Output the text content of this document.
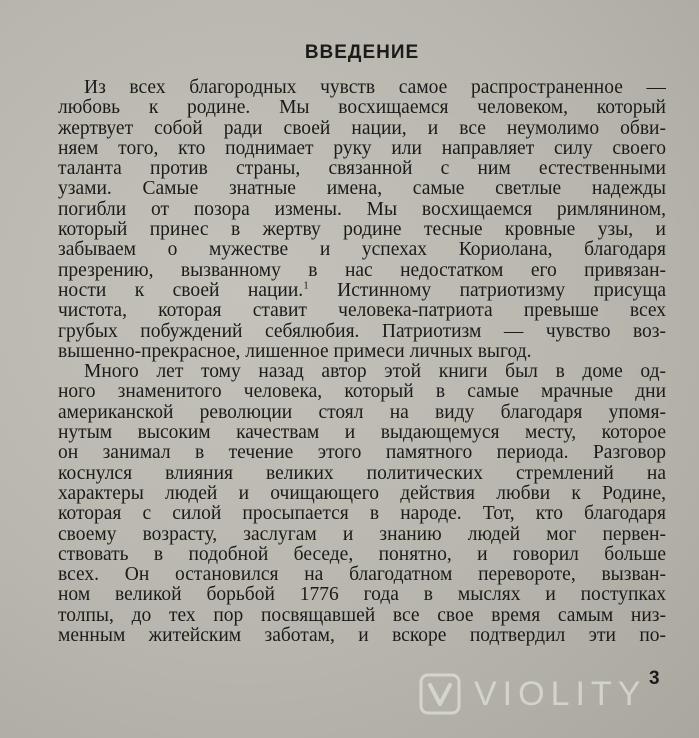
ВВЕДЕНИЕ
Из всех благородных чувств самое распространенное —
любовь к родине. Мы восхищаемся человеком, который
жертвует собой ради своей нации, и все неумолимо обви-
няем того, кто поднимает руку или направляет силу своего
таланта против страны, связанной с ним естественными
узами. Самые знатные имена, самые светлые надежды
погибли от позора измены. Мы восхищаемся римлянином,
который принес в жертву родине тесные кровные узы, и
забываем о мужестве и успехах Кориолана, благодаря
презрению, вызванному в нас недостатком его привязан-
ности к своей нации.$^1$ Истинному патриотизму присуща
чистота, которая ставит человека-патриота превыше всех
грубых побуждений себялюбия. Патриотизм — чувство воз-
вышенно-прекрасное, лишенное примеси личных выгод.
Много лет тому назад автор этой книги был в доме од-
ного знаменитого человека, который в самые мрачные дни
американской революции стоял на виду благодаря упомя-
нутым высоким качествам и выдающемуся месту, которое
он занимал в течение этого памятного периода. Разговор
коснулся влияния великих политических стремлений на
характеры людей и очищающего действия любви к Родине,
которая с силой просыпается в народе. Тот, кто благодаря
своему возрасту, заслугам и знанию людей мог первен-
ствовать в подобной беседе, понятно, и говорил больше
всех. Он остановился на благодатном перевороте, вызван-
ном великой борьбой 1776 года в мыслях и поступках
толпы, до тех пор посвящавшей все свое время самым низ-
менным житейским заботам, и вскоре подтвердил эти по-
VIOLITY 3
